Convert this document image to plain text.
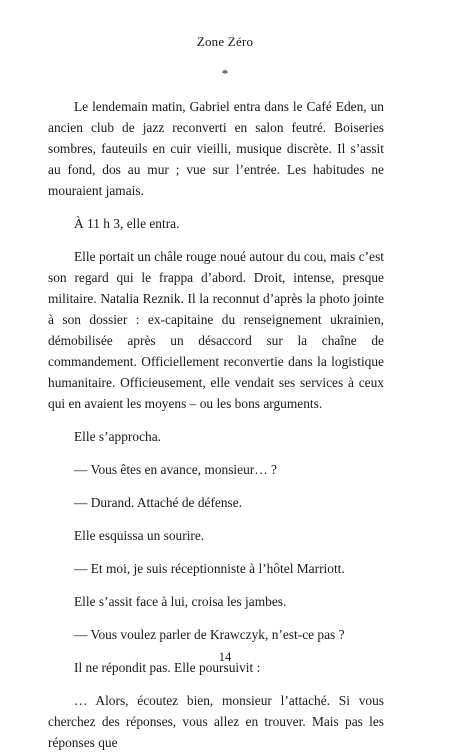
Zone Zéro
*

Le lendemain matin, Gabriel entra dans le Café Eden, un ancien club de jazz reconverti en salon feutré. Boiseries sombres, fauteuils en cuir vieilli, musique discrète. Il s’assit au fond, dos au mur ; vue sur l’entrée. Les habitudes ne mouraient jamais.

À 11 h 3, elle entra.

Elle portait un châle rouge noué autour du cou, mais c’est son regard qui le frappa d’abord. Droit, intense, presque militaire. Natalia Reznik. Il la reconnut d’après la photo jointe à son dossier : ex-capitaine du renseignement ukrainien, démobilisée après un désaccord sur la chaîne de commandement. Officiellement reconvertie dans la logistique humanitaire. Officieusement, elle vendait ses services à ceux qui en avaient les moyens – ou les bons arguments.

Elle s’approcha.

— Vous êtes en avance, monsieur… ?

— Durand. Attaché de défense.

Elle esquissa un sourire.

— Et moi, je suis réceptionniste à l’hôtel Marriott.

Elle s’assit face à lui, croisa les jambes.

— Vous voulez parler de Krawczyk, n’est-ce pas ?

Il ne répondit pas. Elle poursuivit :

… Alors, écoutez bien, monsieur l’attaché. Si vous cherchez des réponses, vous allez en trouver. Mais pas les réponses que

14
